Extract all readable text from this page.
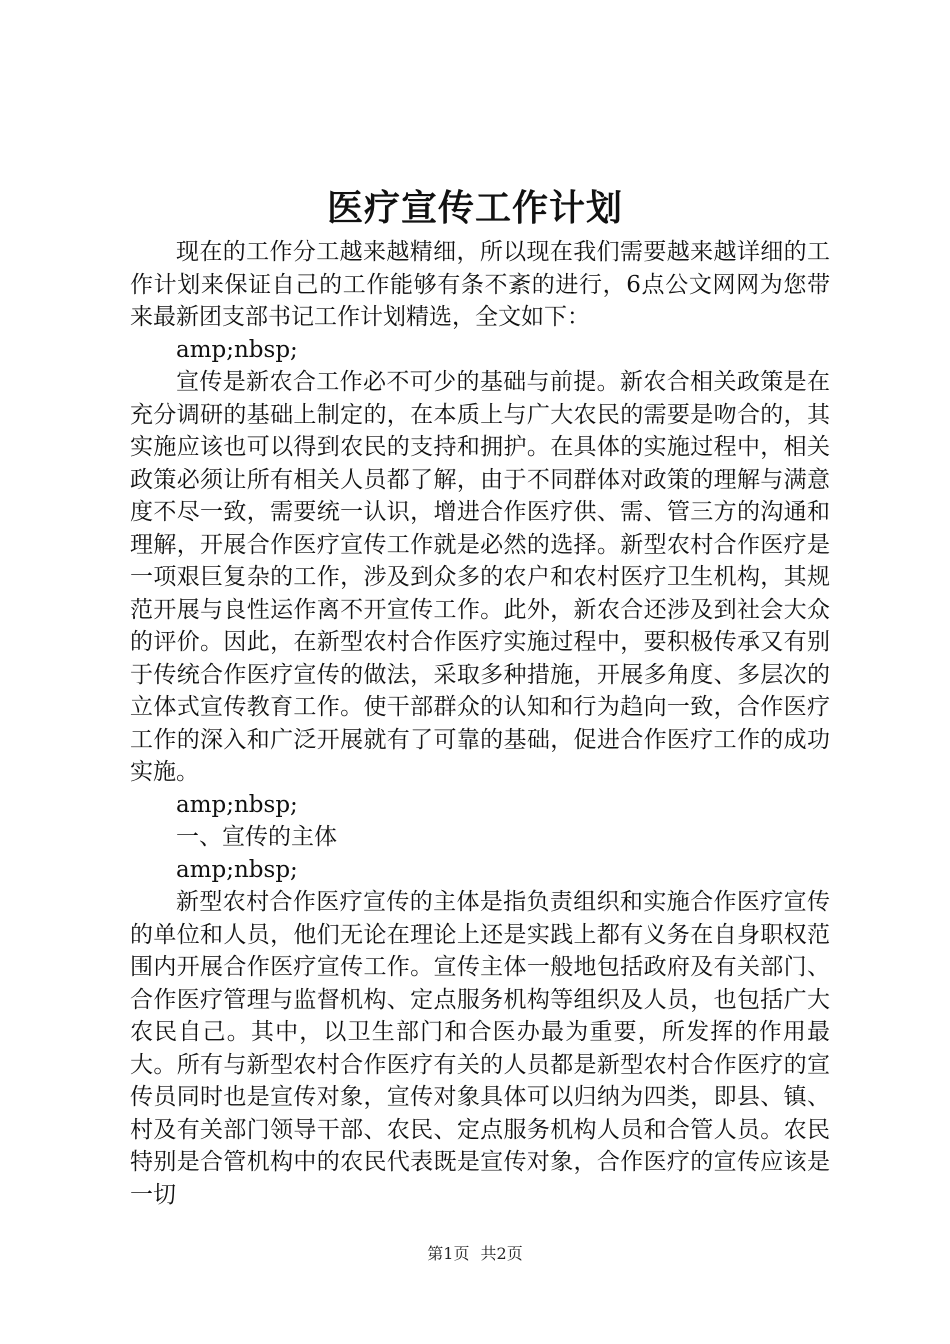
医疗宣传工作计划

现在的工作分工越来越精细，所以现在我们需要越来越详细的工作计划来保证自己的工作能够有条不紊的进行，6点公文网网为您带来最新团支部书记工作计划精选，全文如下：

amp;nbsp;

宣传是新农合工作必不可少的基础与前提。新农合相关政策是在充分调研的基础上制定的，在本质上与广大农民的需要是吻合的，其实施应该也可以得到农民的支持和拥护。在具体的实施过程中，相关政策必须让所有相关人员都了解，由于不同群体对政策的理解与满意度不尽一致，需要统一认识，增进合作医疗供、需、管三方的沟通和理解，开展合作医疗宣传工作就是必然的选择。新型农村合作医疗是一项艰巨复杂的工作，涉及到众多的农户和农村医疗卫生机构，其规范开展与良性运作离不开宣传工作。此外，新农合还涉及到社会大众的评价。因此，在新型农村合作医疗实施过程中，要积极传承又有别于传统合作医疗宣传的做法，采取多种措施，开展多角度、多层次的立体式宣传教育工作。使干部群众的认知和行为趋向一致，合作医疗工作的深入和广泛开展就有了可靠的基础，促进合作医疗工作的成功实施。

amp;nbsp;

一、宣传的主体

amp;nbsp;

新型农村合作医疗宣传的主体是指负责组织和实施合作医疗宣传的单位和人员，他们无论在理论上还是实践上都有义务在自身职权范围内开展合作医疗宣传工作。宣传主体一般地包括政府及有关部门、合作医疗管理与监督机构、定点服务机构等组织及人员，也包括广大农民自己。其中，以卫生部门和合医办最为重要，所发挥的作用最大。所有与新型农村合作医疗有关的人员都是新型农村合作医疗的宣传员同时也是宣传对象，宣传对象具体可以归纳为四类，即县、镇、村及有关部门领导干部、农民、定点服务机构人员和合管人员。农民特别是合管机构中的农民代表既是宣传对象，合作医疗的宣传应该是一切

第1页 共2页
